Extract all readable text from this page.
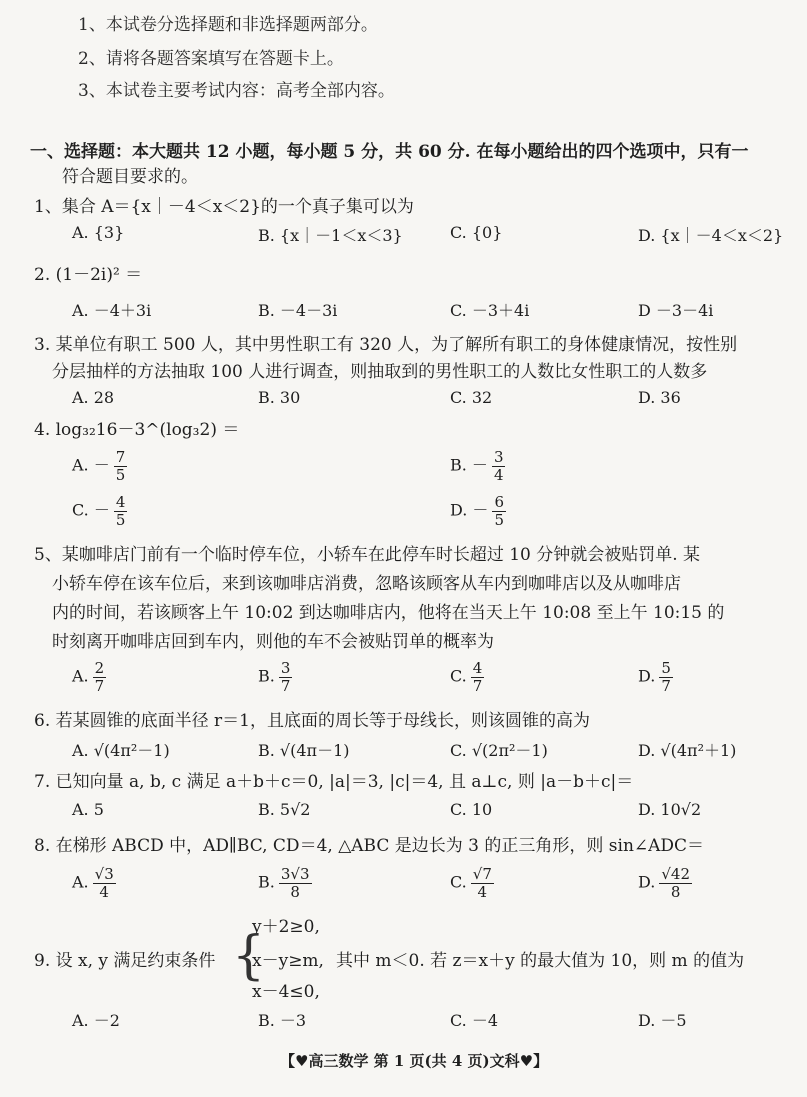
1、本试卷分选择题和非选择题两部分。
2、请将各题答案填写在答题卡上。
3、本试卷主要考试内容：高考全部内容。
一、选择题：本大题共 12 小题，每小题 5 分，共 60 分. 在每小题给出的四个选项中，只有一
符合题目要求的。
1、集合 A＝{x｜－4＜x＜2}的一个真子集可以为
A. {3}	B. {x｜－1＜x＜3}	C. {0}	D. {x｜－4＜x＜2}
2. (1－2i)² ＝
A. －4＋3i	B. －4－3i	C. －3＋4i	D －3－4i
3. 某单位有职工 500 人，其中男性职工有 320 人，为了解所有职工的身体健康情况，按性别
分层抽样的方法抽取 100 人进行调查，则抽取到的男性职工的人数比女性职工的人数多
A. 28	B. 30	C. 32	D. 36
4. log₃₂16－3^(log₃2) ＝
A. － $\frac{7}{5}$	B. － $\frac{3}{4}$
C. － $\frac{4}{5}$	D. － $\frac{6}{5}$
5、某咖啡店门前有一个临时停车位，小轿车在此停车时长超过 10 分钟就会被贴罚单. 某
小轿车停在该车位后，来到该咖啡店消费，忽略该顾客从车内到咖啡店以及从咖啡店
内的时间，若该顾客上午 10:02 到达咖啡店内，他将在当天上午 10:08 至上午 10:15 的
时刻离开咖啡店回到车内，则他的车不会被贴罚单的概率为
A. $\frac{2}{7}$	B. $\frac{3}{7}$	C. $\frac{4}{7}$	D. $\frac{5}{7}$
6. 若某圆锥的底面半径 r＝1，且底面的周长等于母线长，则该圆锥的高为
A. √(4π²－1)	B. √(4π－1)	C. √(2π²－1)	D. √(4π²＋1)
7. 已知向量 a, b, c 满足 a＋b＋c＝0, |a|＝3, |c|＝4, 且 a⊥c, 则 |a－b＋c|＝
A. 5	B. 5√2	C. 10	D. 10√2
8. 在梯形 ABCD 中，AD∥BC, CD＝4, △ABC 是边长为 3 的正三角形，则 sin∠ADC＝
A. $\frac{√3}{4}$	B. $\frac{3√3}{8}$	C. $\frac{√7}{4}$	D. $\frac{√42}{8}$
y＋2≥0,
9. 设 x, y 满足约束条件 {
x－y≥m, 其中 m＜0. 若 z＝x＋y 的最大值为 10，则 m 的值为
x－4≤0,
A. －2	B. －3	C. －4	D. －5
【♥高三数学 第 1 页(共 4 页)文科♥】
